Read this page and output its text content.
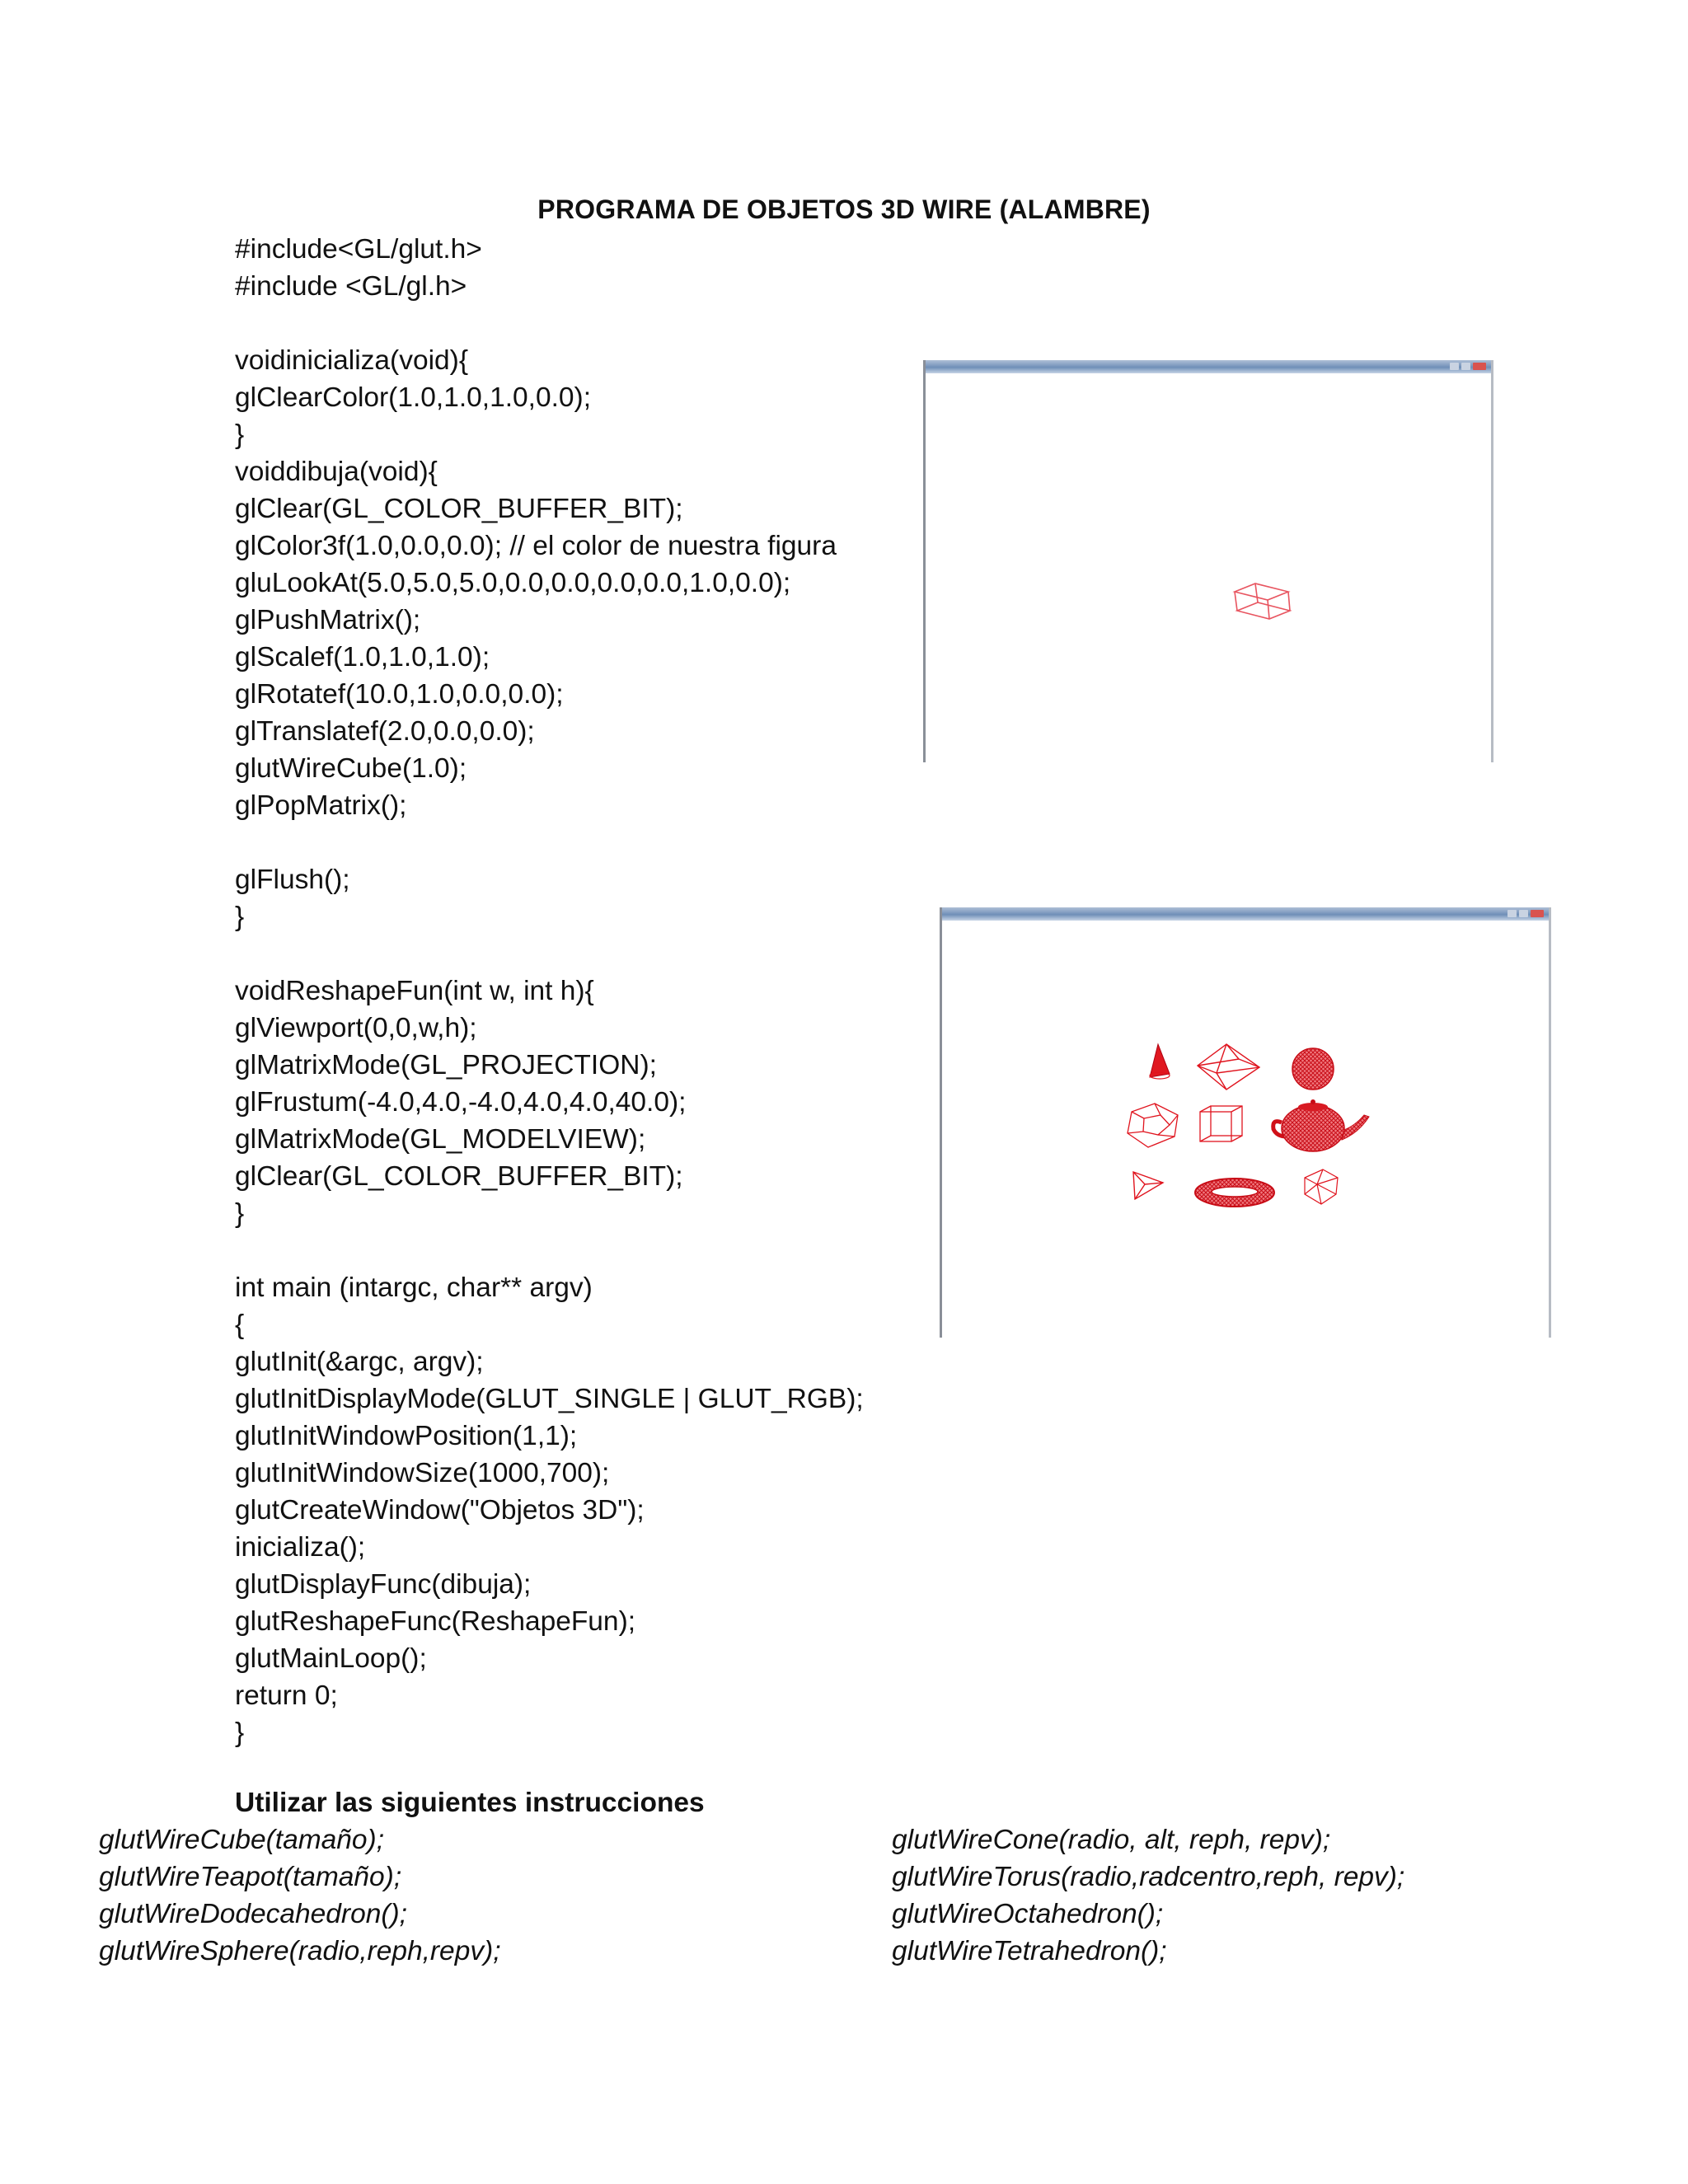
PROGRAMA DE OBJETOS 3D WIRE (ALAMBRE)
#include<GL/glut.h>
#include <GL/gl.h>
voidinicializa(void){
glClearColor(1.0,1.0,1.0,0.0);
}
voiddibuja(void){
glClear(GL_COLOR_BUFFER_BIT);
glColor3f(1.0,0.0,0.0); // el color de nuestra figura
gluLookAt(5.0,5.0,5.0,0.0,0.0,0.0,0.0,1.0,0.0);
glPushMatrix();
glScalef(1.0,1.0,1.0);
glRotatef(10.0,1.0,0.0,0.0);
glTranslatef(2.0,0.0,0.0);
glutWireCube(1.0);
glPopMatrix();
glFlush();
}
voidReshapeFun(int w, int h){
glViewport(0,0,w,h);
glMatrixMode(GL_PROJECTION);
glFrustum(-4.0,4.0,-4.0,4.0,4.0,40.0);
glMatrixMode(GL_MODELVIEW);
glClear(GL_COLOR_BUFFER_BIT);
}
int main (intargc, char** argv)
{
glutInit(&argc, argv);
glutInitDisplayMode(GLUT_SINGLE | GLUT_RGB);
glutInitWindowPosition(1,1);
glutInitWindowSize(1000,700);
glutCreateWindow("Objetos 3D");
inicializa();
glutDisplayFunc(dibuja);
glutReshapeFunc(ReshapeFun);
glutMainLoop();
return 0;
}
Utilizar las siguientes instrucciones
glutWireCube(tamaño);
glutWireTeapot(tamaño);
glutWireDodecahedron();
glutWireSphere(radio,reph,repv);
glutWireCone(radio, alt, reph, repv);
glutWireTorus(radio,radcentro,reph, repv);
glutWireOctahedron();
glutWireTetrahedron();
